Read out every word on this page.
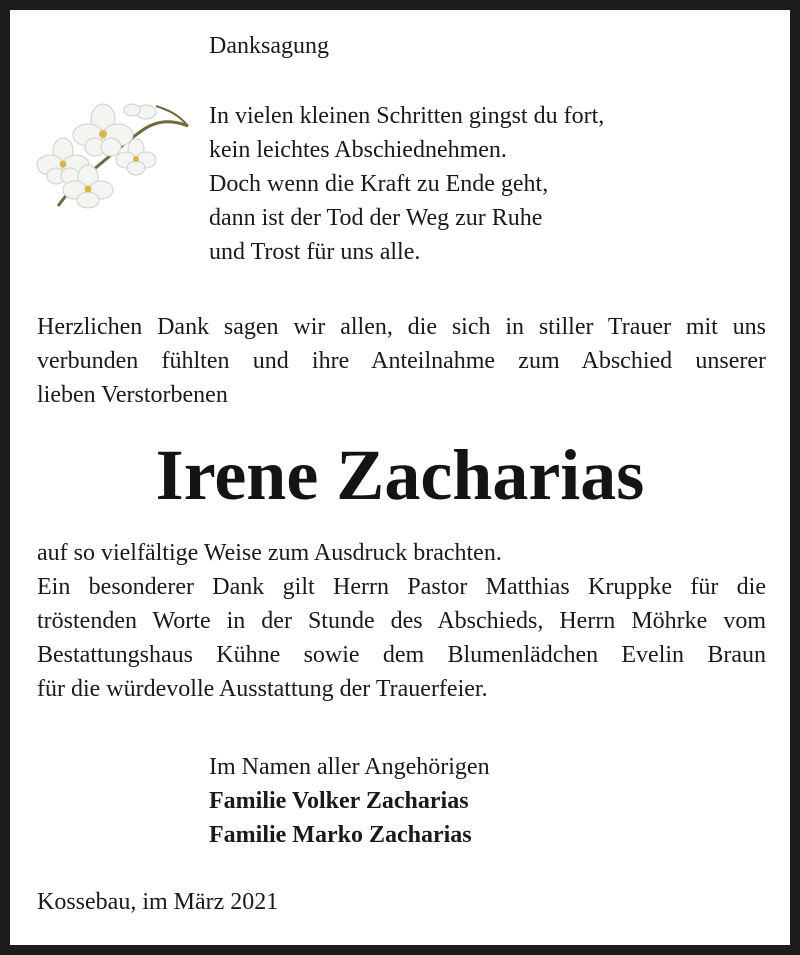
Danksagung
In vielen kleinen Schritten gingst du fort,
kein leichtes Abschiednehmen.
Doch wenn die Kraft zu Ende geht,
dann ist der Tod der Weg zur Ruhe
und Trost für uns alle.
Herzlichen Dank sagen wir allen, die sich in stiller Trauer mit uns
verbunden fühlten und ihre Anteilnahme zum Abschied unserer
lieben Verstorbenen
Irene Zacharias
auf so vielfältige Weise zum Ausdruck brachten.
Ein besonderer Dank gilt Herrn Pastor Matthias Kruppke für die
tröstenden Worte in der Stunde des Abschieds, Herrn Möhrke vom
Bestattungshaus Kühne sowie dem Blumenlädchen Evelin Braun
für die würdevolle Ausstattung der Trauerfeier.
Im Namen aller Angehörigen
Familie Volker Zacharias
Familie Marko Zacharias
Kossebau, im März 2021
